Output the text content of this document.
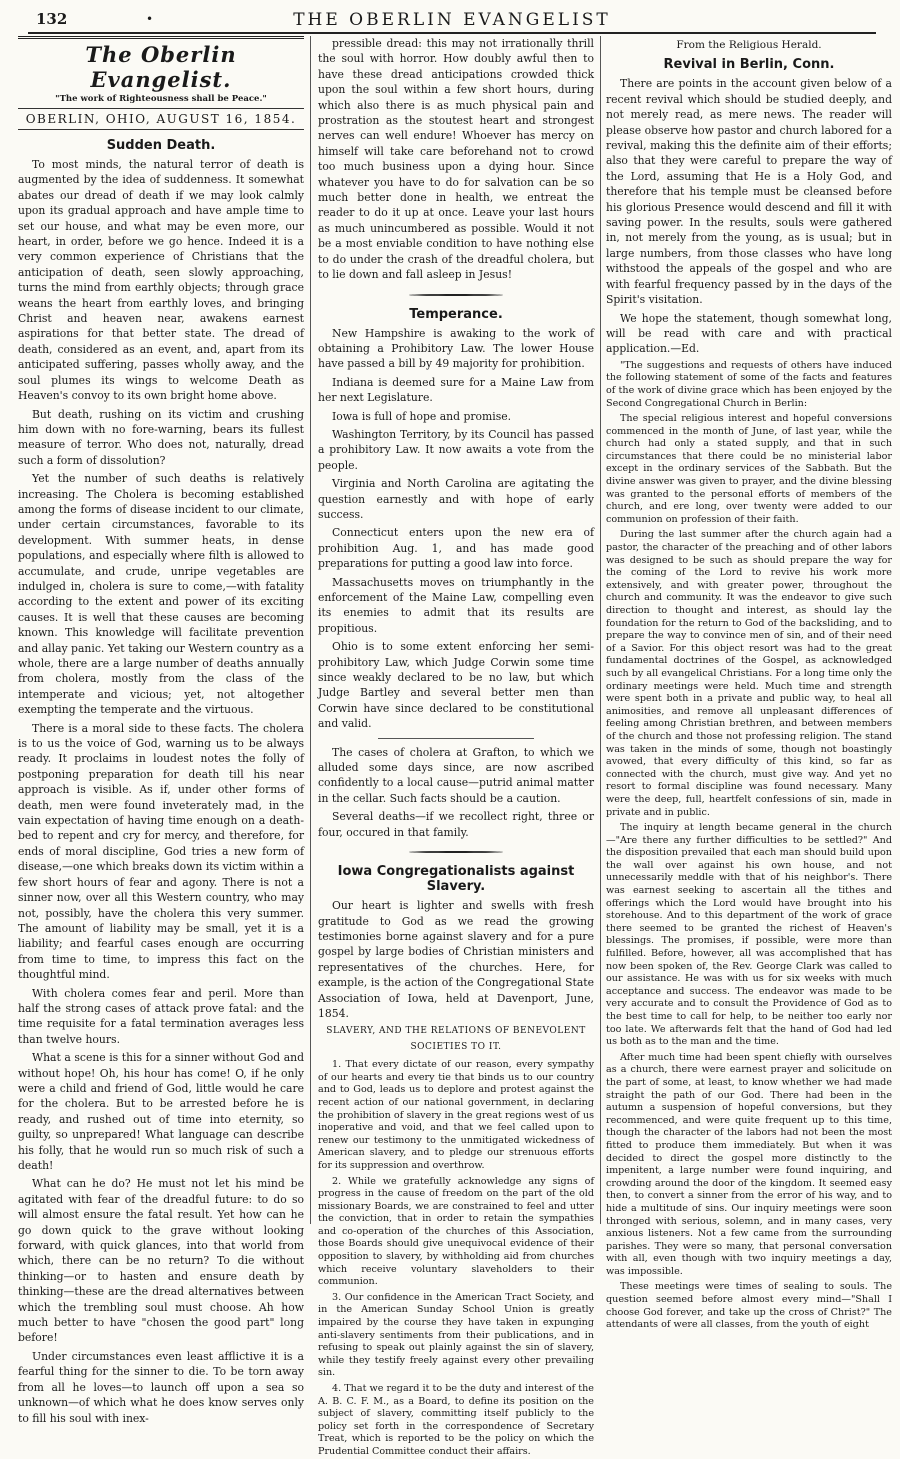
132	•	THE OBERLIN EVANGELIST
The Oberlin Evangelist.
"The work of Righteousness shall be Peace."
OBERLIN, OHIO, AUGUST 16, 1854.
Sudden Death.

To most minds, the natural terror of death is augmented by the idea of suddenness. It somewhat abates our dread of death if we may look calmly upon its gradual approach and have ample time to set our house, and what may be even more, our heart, in order, before we go hence. Indeed it is a very common experience of Christians that the anticipation of death, seen slowly approaching, turns the mind from earthly objects; through grace weans the heart from earthly loves, and bringing Christ and heaven near, awakens earnest aspirations for that better state. The dread of death, considered as an event, and, apart from its anticipated suffering, passes wholly away, and the soul plumes its wings to welcome Death as Heaven's convoy to its own bright home above.

But death, rushing on its victim and crushing him down with no fore-warning, bears its fullest measure of terror. Who does not, naturally, dread such a form of dissolution?

Yet the number of such deaths is relatively increasing. The Cholera is becoming established among the forms of disease incident to our climate, under certain circumstances, favorable to its development. With summer heats, in dense populations, and especially where filth is allowed to accumulate, and crude, unripe vegetables are indulged in, cholera is sure to come,—with fatality according to the extent and power of its exciting causes. It is well that these causes are becoming known. This knowledge will facilitate prevention and allay panic. Yet taking our Western country as a whole, there are a large number of deaths annually from cholera, mostly from the class of the intemperate and vicious; yet, not altogether exempting the temperate and the virtuous.

There is a moral side to these facts. The cholera is to us the voice of God, warning us to be always ready. It proclaims in loudest notes the folly of postponing preparation for death till his near approach is visible. As if, under other forms of death, men were found inveterately mad, in the vain expectation of having time enough on a death-bed to repent and cry for mercy, and therefore, for ends of moral discipline, God tries a new form of disease,—one which breaks down its victim within a few short hours of fear and agony. There is not a sinner now, over all this Western country, who may not, possibly, have the cholera this very summer. The amount of liability may be small, yet it is a liability; and fearful cases enough are occurring from time to time, to impress this fact on the thoughtful mind.

With cholera comes fear and peril. More than half the strong cases of attack prove fatal: and the time requisite for a fatal termination averages less than twelve hours.

What a scene is this for a sinner without God and without hope! Oh, his hour has come! O, if he only were a child and friend of God, little would he care for the cholera. But to be arrested before he is ready, and rushed out of time into eternity, so guilty, so unprepared! What language can describe his folly, that he would run so much risk of such a death!

What can he do? He must not let his mind be agitated with fear of the dreadful future: to do so will almost ensure the fatal result. Yet how can he go down quick to the grave without looking forward, with quick glances, into that world from which, there can be no return? To die without thinking—or to hasten and ensure death by thinking—these are the dread alternatives between which the trembling soul must choose. Ah how much better to have "chosen the good part" long before!

Under circumstances even least afflictive it is a fearful thing for the sinner to die. To be torn away from all he loves—to launch off upon a sea so unknown—of which what he does know serves only to fill his soul with inex-

pressible dread: this may not irrationally thrill the soul with horror. How doubly awful then to have these dread anticipations crowded thick upon the soul within a few short hours, during which also there is as much physical pain and prostration as the stoutest heart and strongest nerves can well endure! Whoever has mercy on himself will take care beforehand not to crowd too much business upon a dying hour. Since whatever you have to do for salvation can be so much better done in health, we entreat the reader to do it up at once. Leave your last hours as much unincumbered as possible. Would it not be a most enviable condition to have nothing else to do under the crash of the dreadful cholera, but to lie down and fall asleep in Jesus!

Temperance.

New Hampshire is awaking to the work of obtaining a Prohibitory Law. The lower House have passed a bill by 49 majority for prohibition.

Indiana is deemed sure for a Maine Law from her next Legislature.

Iowa is full of hope and promise.

Washington Territory, by its Council has passed a prohibitory Law. It now awaits a vote from the people.

Virginia and North Carolina are agitating the question earnestly and with hope of early success.

Connecticut enters upon the new era of prohibition Aug. 1, and has made good preparations for putting a good law into force.

Massachusetts moves on triumphantly in the enforcement of the Maine Law, compelling even its enemies to admit that its results are propitious.

Ohio is to some extent enforcing her semi-prohibitory Law, which Judge Corwin some time since weakly declared to be no law, but which Judge Bartley and several better men than Corwin have since declared to be constitutional and valid.

The cases of cholera at Grafton, to which we alluded some days since, are now ascribed confidently to a local cause—putrid animal matter in the cellar. Such facts should be a caution.

Several deaths—if we recollect right, three or four, occured in that family.

Iowa Congregationalists against Slavery.

Our heart is lighter and swells with fresh gratitude to God as we read the growing testimonies borne against slavery and for a pure gospel by large bodies of Christian ministers and representatives of the churches. Here, for example, is the action of the Congregational State Association of Iowa, held at Davenport, June, 1854.

SLAVERY, AND THE RELATIONS OF BENEVOLENT SOCIETIES TO IT.

1. That every dictate of our reason, every sympathy of our hearts and every tie that binds us to our country and to God, leads us to deplore and protest against the recent action of our national government, in declaring the prohibition of slavery in the great regions west of us inoperative and void, and that we feel called upon to renew our testimony to the unmitigated wickedness of American slavery, and to pledge our strenuous efforts for its suppression and overthrow.

2. While we gratefully acknowledge any signs of progress in the cause of freedom on the part of the old missionary Boards, we are constrained to feel and utter the conviction, that in order to retain the sympathies and co-operation of the churches of this Association, those Boards should give unequivocal evidence of their opposition to slavery, by withholding aid from churches which receive voluntary slaveholders to their communion.

3. Our confidence in the American Tract Society, and in the American Sunday School Union is greatly impaired by the course they have taken in expunging anti-slavery sentiments from their publications, and in refusing to speak out plainly against the sin of slavery, while they testify freely against every other prevailing sin.

4. That we regard it to be the duty and interest of the A. B. C. F. M., as a Board, to define its position on the subject of slavery, committing itself publicly to the policy set forth in the correspondence of Secretary Treat, which is reported to be the policy on which the Prudential Committee conduct their affairs.

From the Religious Herald.

Revival in Berlin, Conn.

There are points in the account given below of a recent revival which should be studied deeply, and not merely read, as mere news. The reader will please observe how pastor and church labored for a revival, making this the definite aim of their efforts; also that they were careful to prepare the way of the Lord, assuming that He is a Holy God, and therefore that his temple must be cleansed before his glorious Presence would descend and fill it with saving power. In the results, souls were gathered in, not merely from the young, as is usual; but in large numbers, from those classes who have long withstood the appeals of the gospel and who are with fearful frequency passed by in the days of the Spirit's visitation.

We hope the statement, though somewhat long, will be read with care and with practical application.—Ed.

"The suggestions and requests of others have induced the following statement of some of the facts and features of the work of divine grace which has been enjoyed by the Second Congregational Church in Berlin:

The special religious interest and hopeful conversions commenced in the month of June, of last year, while the church had only a stated supply, and that in such circumstances that there could be no ministerial labor except in the ordinary services of the Sabbath. But the divine answer was given to prayer, and the divine blessing was granted to the personal efforts of members of the church, and ere long, over twenty were added to our communion on profession of their faith.

During the last summer after the church again had a pastor, the character of the preaching and of other labors was designed to be such as should prepare the way for the coming of the Lord to revive his work more extensively, and with greater power, throughout the church and community. It was the endeavor to give such direction to thought and interest, as should lay the foundation for the return to God of the backsliding, and to prepare the way to convince men of sin, and of their need of a Savior. For this object resort was had to the great fundamental doctrines of the Gospel, as acknowledged such by all evangelical Christians. For a long time only the ordinary meetings were held. Much time and strength were spent both in a private and public way, to heal all animosities, and remove all unpleasant differences of feeling among Christian brethren, and between members of the church and those not professing religion. The stand was taken in the minds of some, though not boastingly avowed, that every difficulty of this kind, so far as connected with the church, must give way. And yet no resort to formal discipline was found necessary. Many were the deep, full, heartfelt confessions of sin, made in private and in public.

The inquiry at length became general in the church—"Are there any further difficulties to be settled?" And the disposition prevailed that each man should build upon the wall over against his own house, and not unnecessarily meddle with that of his neighbor's. There was earnest seeking to ascertain all the tithes and offerings which the Lord would have brought into his storehouse. And to this department of the work of grace there seemed to be granted the richest of Heaven's blessings. The promises, if possible, were more than fulfilled. Before, however, all was accomplished that has now been spoken of, the Rev. George Clark was called to our assistance. He was with us for six weeks with much acceptance and success. The endeavor was made to be very accurate and to consult the Providence of God as to the best time to call for help, to be neither too early nor too late. We afterwards felt that the hand of God had led us both as to the man and the time.

After much time had been spent chiefly with ourselves as a church, there were earnest prayer and solicitude on the part of some, at least, to know whether we had made straight the path of our God. There had been in the autumn a suspension of hopeful conversions, but they recommenced, and were quite frequent up to this time, though the character of the labors had not been the most fitted to produce them immediately. But when it was decided to direct the gospel more distinctly to the impenitent, a large number were found inquiring, and crowding around the door of the kingdom. It seemed easy then, to convert a sinner from the error of his way, and to hide a multitude of sins. Our inquiry meetings were soon thronged with serious, solemn, and in many cases, very anxious listeners. Not a few came from the surrounding parishes. They were so many, that personal conversation with all, even though with two inquiry meetings a day, was impossible.

These meetings were times of sealing to souls. The question seemed before almost every mind—"Shall I choose God forever, and take up the cross of Christ?" The attendants of were all classes, from the youth of eight
